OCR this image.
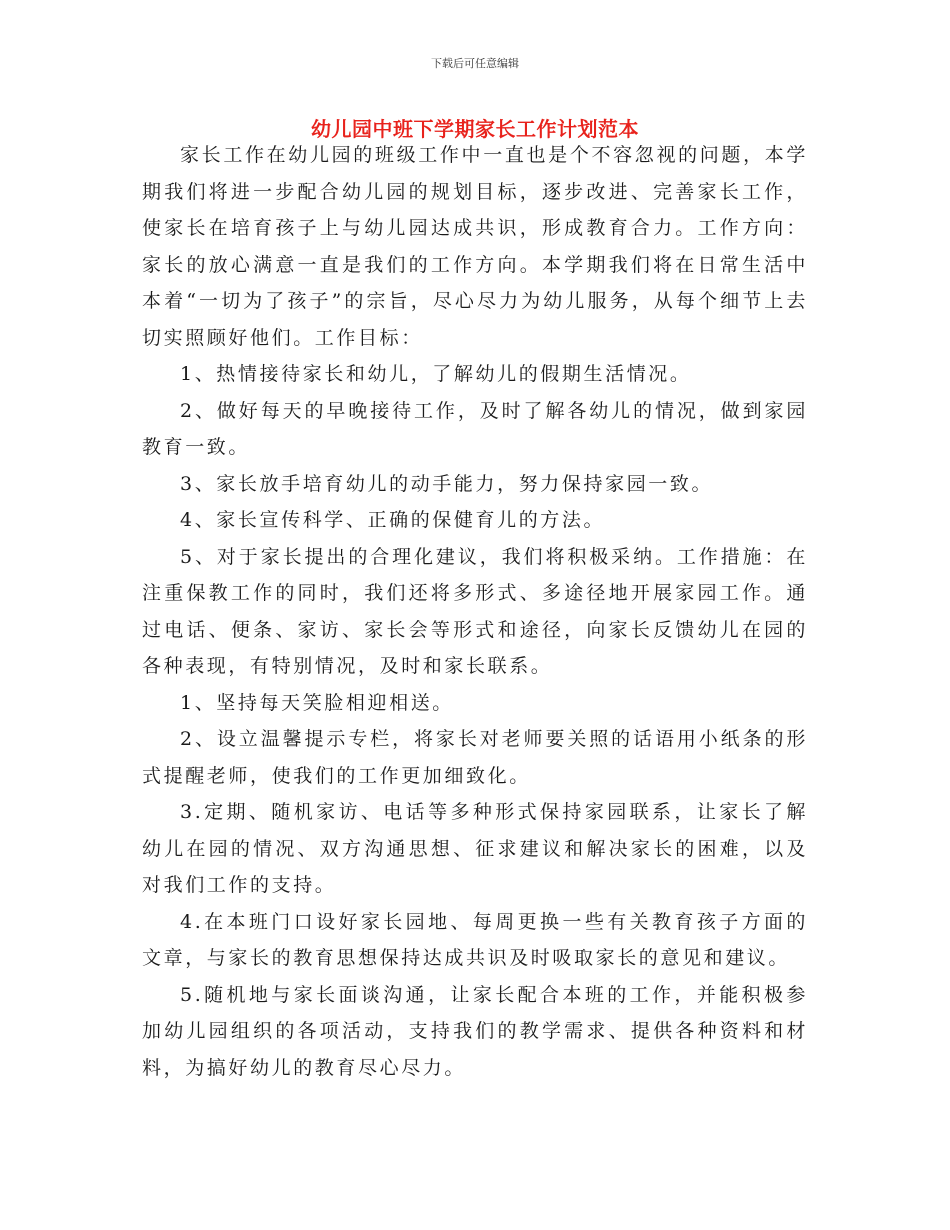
下载后可任意编辑
幼儿园中班下学期家长工作计划范本

家长工作在幼儿园的班级工作中一直也是个不容忽视的问题，本学期我们将进一步配合幼儿园的规划目标，逐步改进、完善家长工作，使家长在培育孩子上与幼儿园达成共识，形成教育合力。工作方向：家长的放心满意一直是我们的工作方向。本学期我们将在日常生活中本着“一切为了孩子”的宗旨，尽心尽力为幼儿服务，从每个细节上去切实照顾好他们。工作目标：

1、热情接待家长和幼儿，了解幼儿的假期生活情况。

2、做好每天的早晚接待工作，及时了解各幼儿的情况，做到家园教育一致。

3、家长放手培育幼儿的动手能力，努力保持家园一致。

4、家长宣传科学、正确的保健育儿的方法。

5、对于家长提出的合理化建议，我们将积极采纳。工作措施：在注重保教工作的同时，我们还将多形式、多途径地开展家园工作。通过电话、便条、家访、家长会等形式和途径，向家长反馈幼儿在园的各种表现，有特别情况，及时和家长联系。

1、坚持每天笑脸相迎相送。

2、设立温馨提示专栏，将家长对老师要关照的话语用小纸条的形式提醒老师，使我们的工作更加细致化。

3.定期、随机家访、电话等多种形式保持家园联系，让家长了解幼儿在园的情况、双方沟通思想、征求建议和解决家长的困难，以及对我们工作的支持。

4.在本班门口设好家长园地、每周更换一些有关教育孩子方面的文章，与家长的教育思想保持达成共识及时吸取家长的意见和建议。

5.随机地与家长面谈沟通，让家长配合本班的工作，并能积极参加幼儿园组织的各项活动，支持我们的教学需求、提供各种资料和材料，为搞好幼儿的教育尽心尽力。
